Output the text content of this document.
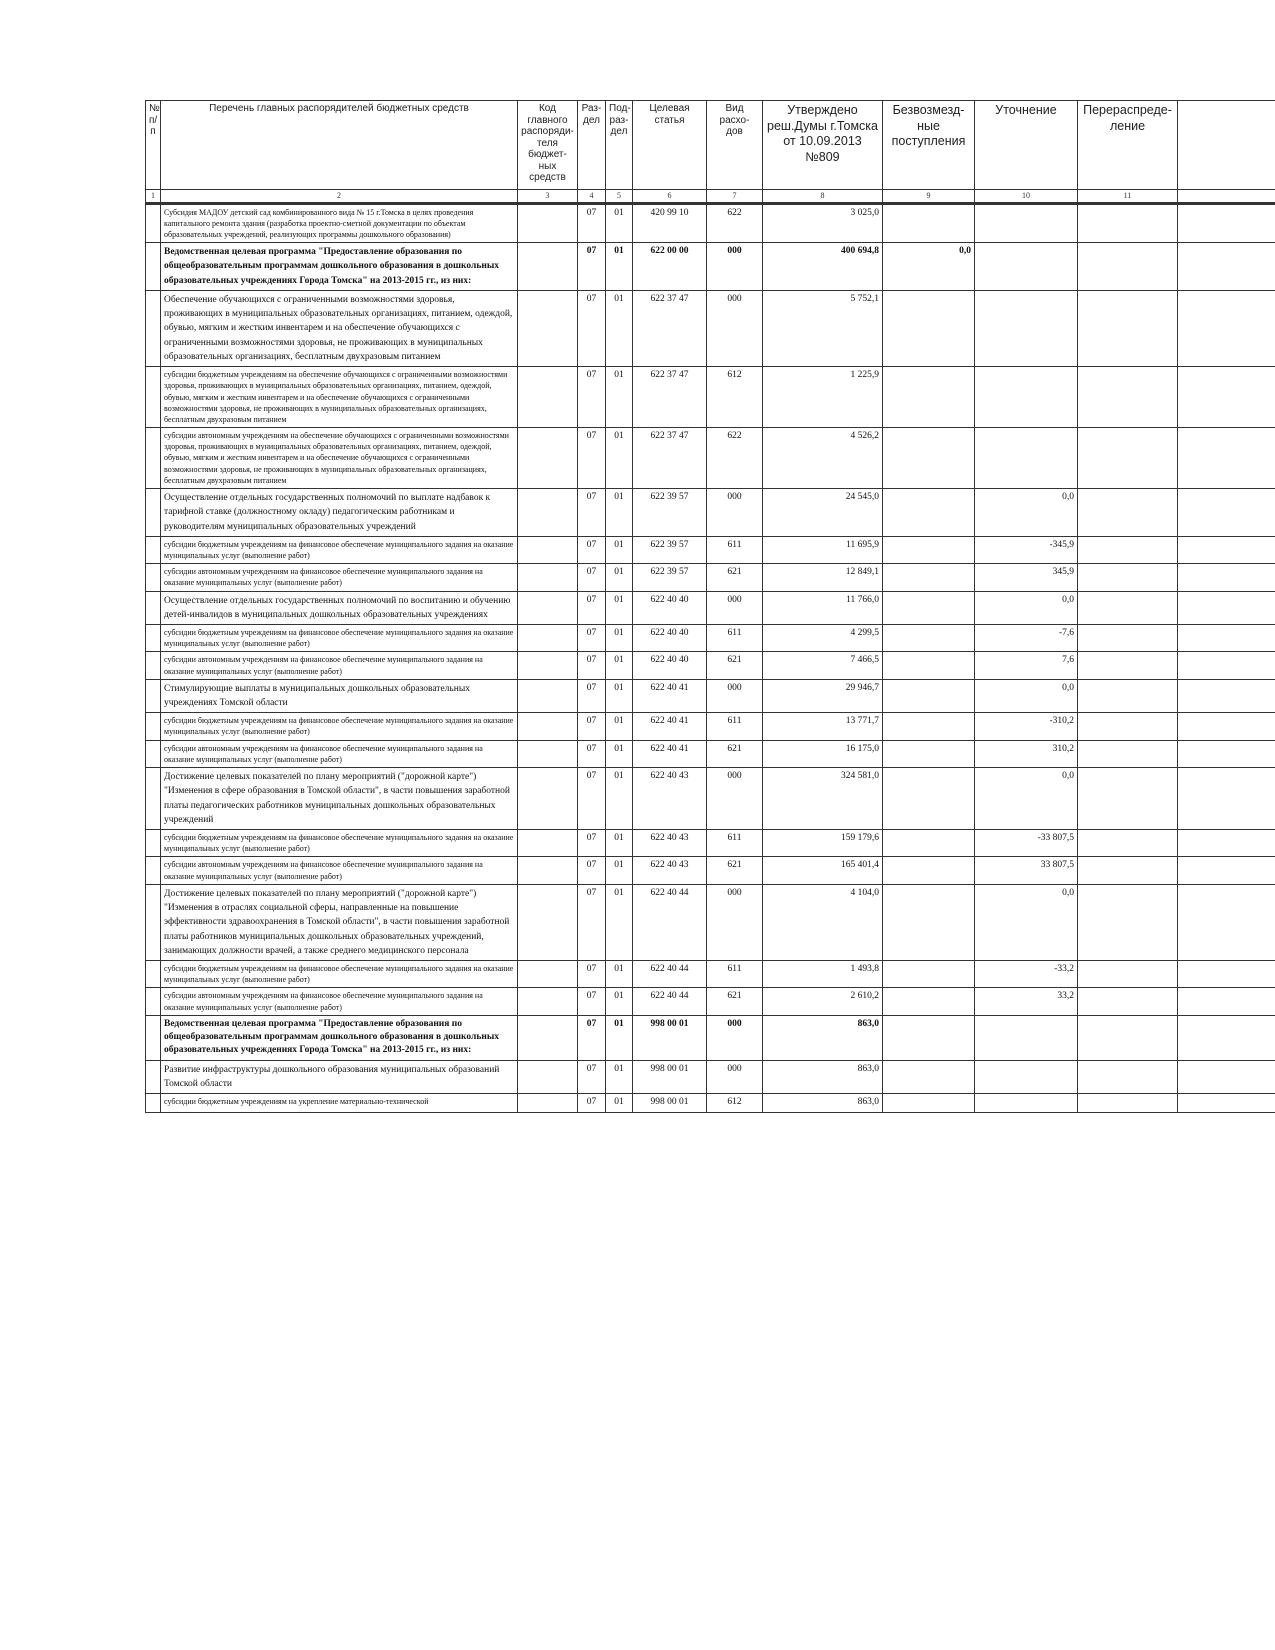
№ п/п	Перечень главных распорядителей бюджетных средств	Код главного распоряди- теля бюджет- ных средств	Раз- дел	Под- раз- дел	Целевая статья	Вид расхо- дов	Утверждено реш.Думы г.Томска от 10.09.2013 №809	Безвозмезд- ные поступления	Уточнение	Перераспреде- ление	
1	2	3	4	5	6	7	8	9	10	11	
	Субсидия МАДОУ детский сад комбинированного вида № 15 г.Томска в целях проведения капитального ремонта здания (разработка проектно-сметной документации по объектам образовательных учреждений, реализующих программы дошкольного образования)		07	01	420 99 10	622	3 025,0				
	Ведомственная целевая программа "Предоставление образования по общеобразовательным программам дошкольного образования в дошкольных образовательных учреждениях Города Томска" на 2013-2015 гг., из них:		07	01	622 00 00	000	400 694,8	0,0			
	Обеспечение обучающихся с ограниченными возможностями здоровья, проживающих в муниципальных образовательных организациях, питанием, одеждой, обувью, мягким и жестким инвентарем и на обеспечение обучающихся с ограниченными возможностями здоровья, не проживающих в муниципальных образовательных организациях, бесплатным двухразовым питанием		07	01	622 37 47	000	5 752,1				
	субсидии бюджетным учреждениям на обеспечение обучающихся с ограниченными возможностями здоровья, проживающих в муниципальных образовательных организациях, питанием, одеждой, обувью, мягким и жестким инвентарем и на обеспечение обучающихся с ограниченными возможностями здоровья, не проживающих в муниципальных образовательных организациях, бесплатным двухразовым питанием		07	01	622 37 47	612	1 225,9				
	субсидии автономным учреждениям на обеспечение обучающихся с ограниченными возможностями здоровья, проживающих в муниципальных образовательных организациях, питанием, одеждой, обувью, мягким и жестким инвентарем и на обеспечение обучающихся с ограниченными возможностями здоровья, не проживающих в муниципальных образовательных организациях, бесплатным двухразовым питанием		07	01	622 37 47	622	4 526,2				
	Осуществление отдельных государственных полномочий по выплате надбавок к тарифной ставке (должностному окладу) педагогическим работникам и руководителям муниципальных образовательных учреждений		07	01	622 39 57	000	24 545,0		0,0		
	субсидии бюджетным учреждениям на финансовое обеспечение муниципального задания на оказание муниципальных услуг (выполнение работ)		07	01	622 39 57	611	11 695,9		-345,9		
	субсидии автономным учреждениям на финансовое обеспечение муниципального задания на оказание муниципальных услуг (выполнение работ)		07	01	622 39 57	621	12 849,1		345,9		
	Осуществление отдельных государственных полномочий по воспитанию и обучению детей-инвалидов в муниципальных дошкольных образовательных учреждениях		07	01	622 40 40	000	11 766,0		0,0		
	субсидии бюджетным учреждениям на финансовое обеспечение муниципального задания на оказание муниципальных услуг (выполнение работ)		07	01	622 40 40	611	4 299,5		-7,6		
	субсидии автономным учреждениям на финансовое обеспечение муниципального задания на оказание муниципальных услуг (выполнение работ)		07	01	622 40 40	621	7 466,5		7,6		
	Стимулирующие выплаты в муниципальных дошкольных образовательных учреждениях Томской области		07	01	622 40 41	000	29 946,7		0,0		
	субсидии бюджетным учреждениям на финансовое обеспечение муниципального задания на оказание муниципальных услуг (выполнение работ)		07	01	622 40 41	611	13 771,7		-310,2		
	субсидии автономным учреждениям на финансовое обеспечение муниципального задания на оказание муниципальных услуг (выполнение работ)		07	01	622 40 41	621	16 175,0		310,2		
	Достижение целевых показателей по плану мероприятий ("дорожной карте") "Изменения в сфере образования в Томской области", в части повышения заработной платы педагогических работников муниципальных дошкольных образовательных учреждений		07	01	622 40 43	000	324 581,0		0,0		
	субсидии бюджетным учреждениям на финансовое обеспечение муниципального задания на оказание муниципальных услуг (выполнение работ)		07	01	622 40 43	611	159 179,6		-33 807,5		
	субсидии автономным учреждениям на финансовое обеспечение муниципального задания на оказание муниципальных услуг (выполнение работ)		07	01	622 40 43	621	165 401,4		33 807,5		
	Достижение целевых показателей по плану мероприятий ("дорожной карте") "Изменения в отраслях социальной сферы, направленные на повышение эффективности здравоохранения в Томской области", в части повышения заработной платы работников муниципальных дошкольных образовательных учреждений, занимающих должности врачей, а также среднего медицинского персонала		07	01	622 40 44	000	4 104,0		0,0		
	субсидии бюджетным учреждениям на финансовое обеспечение муниципального задания на оказание муниципальных услуг (выполнение работ)		07	01	622 40 44	611	1 493,8		-33,2		
	субсидии автономным учреждениям на финансовое обеспечение муниципального задания на оказание муниципальных услуг (выполнение работ)		07	01	622 40 44	621	2 610,2		33,2		
	Ведомственная целевая программа "Предоставление образования по общеобразовательным программам дошкольного образования в дошкольных образовательных учреждениях Города Томска" на 2013-2015 гг., из них:		07	01	998 00 01	000	863,0				
	Развитие инфраструктуры дошкольного образования муниципальных образований Томской области		07	01	998 00 01	000	863,0				
	субсидии бюджетным учреждениям на укрепление материально-технической		07	01	998 00 01	612	863,0				
